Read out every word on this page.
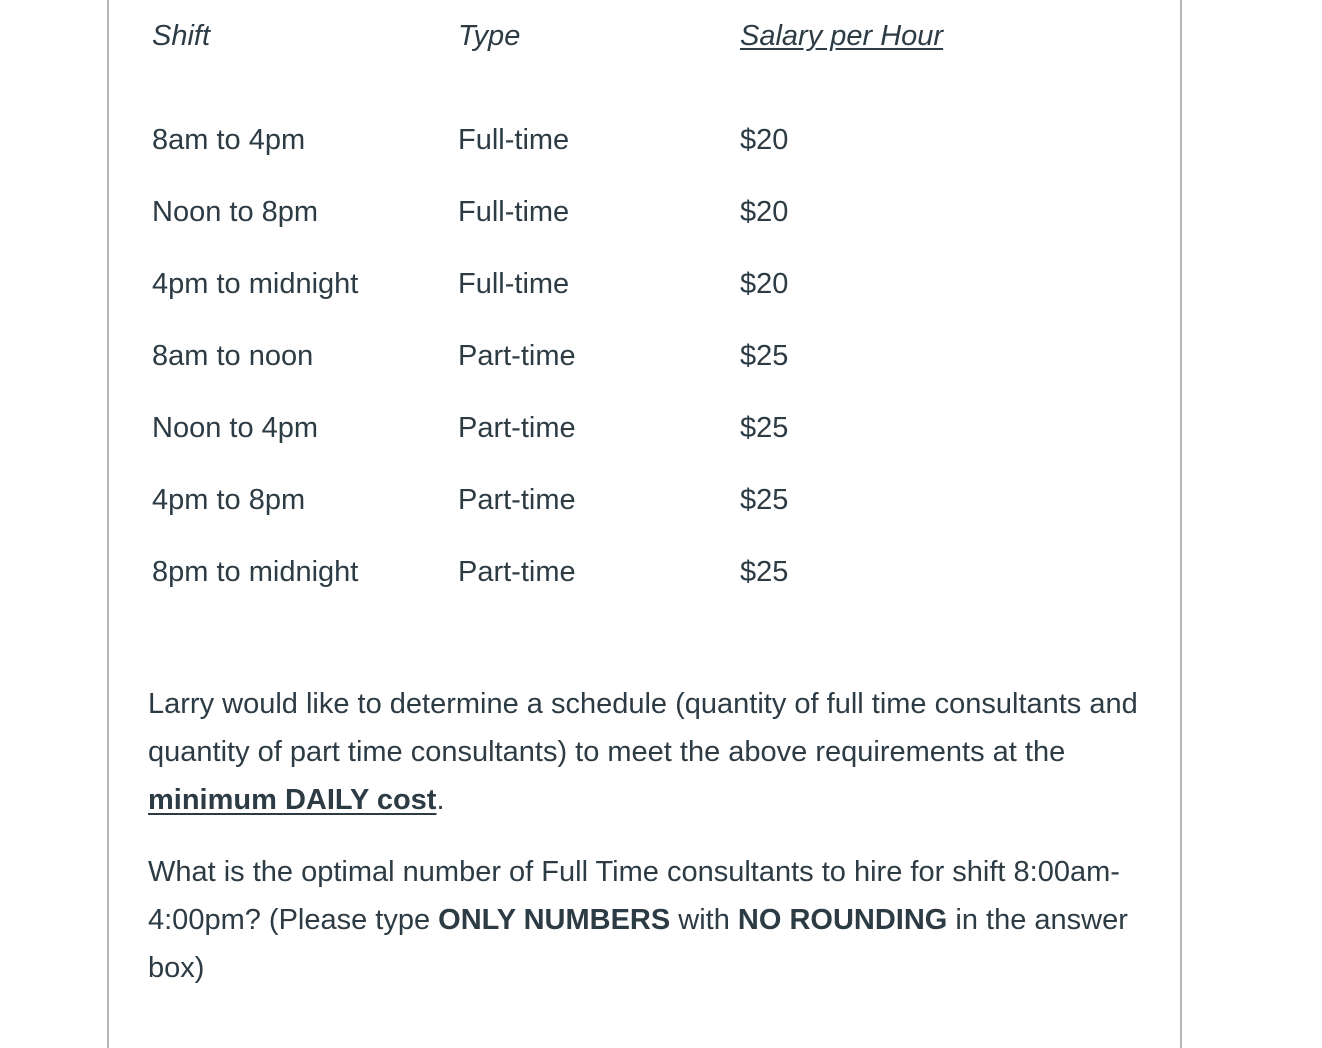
Shift	Type	Salary per Hour
8am to 4pm	Full-time	$20
Noon to 8pm	Full-time	$20
4pm to midnight	Full-time	$20
8am to noon	Part-time	$25
Noon to 4pm	Part-time	$25
4pm to 8pm	Part-time	$25
8pm to midnight	Part-time	$25

Larry would like to determine a schedule (quantity of full time consultants and quantity of part time consultants) to meet the above requirements at the minimum DAILY cost.

What is the optimal number of Full Time consultants to hire for shift 8:00am-4:00pm? (Please type ONLY NUMBERS with NO ROUNDING in the answer box)
